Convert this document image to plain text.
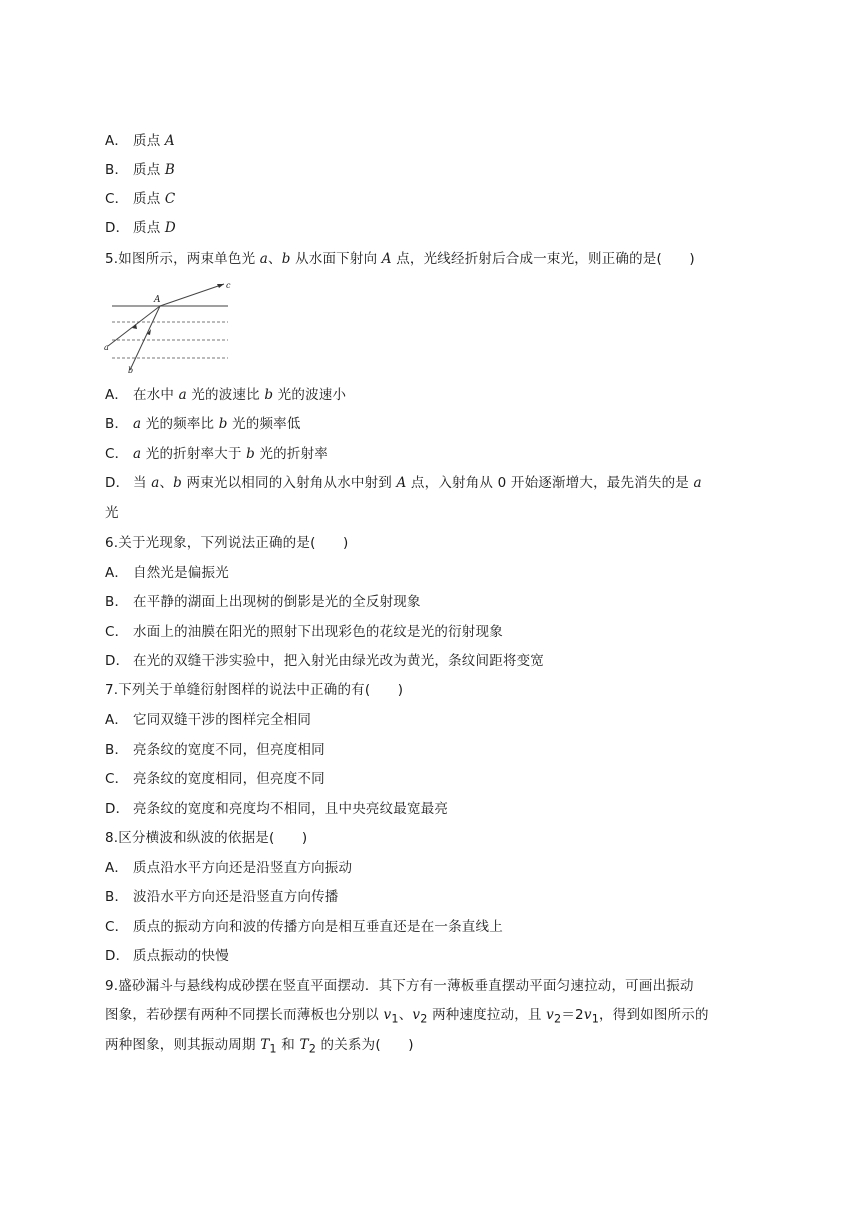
A． 质点 A
B． 质点 B
C． 质点 C
D． 质点 D
5.如图所示，两束单色光 a、b 从水面下射向 A 点，光线经折射后合成一束光，则正确的是(　　)
A
c
a
b
A． 在水中 a 光的波速比 b 光的波速小
B． a 光的频率比 b 光的频率低
C． a 光的折射率大于 b 光的折射率
D． 当 a、b 两束光以相同的入射角从水中射到 A 点，入射角从 0 开始逐渐增大，最先消失的是 a
光
6.关于光现象，下列说法正确的是(　　)
A． 自然光是偏振光
B． 在平静的湖面上出现树的倒影是光的全反射现象
C． 水面上的油膜在阳光的照射下出现彩色的花纹是光的衍射现象
D． 在光的双缝干涉实验中，把入射光由绿光改为黄光，条纹间距将变宽
7.下列关于单缝衍射图样的说法中正确的有(　　)
A． 它同双缝干涉的图样完全相同
B． 亮条纹的宽度不同，但亮度相同
C． 亮条纹的宽度相同，但亮度不同
D． 亮条纹的宽度和亮度均不相同，且中央亮纹最宽最亮
8.区分横波和纵波的依据是(　　)
A． 质点沿水平方向还是沿竖直方向振动
B． 波沿水平方向还是沿竖直方向传播
C． 质点的振动方向和波的传播方向是相互垂直还是在一条直线上
D． 质点振动的快慢
9.盛砂漏斗与悬线构成砂摆在竖直平面摆动．其下方有一薄板垂直摆动平面匀速拉动，可画出振动
图象，若砂摆有两种不同摆长而薄板也分别以 $v_1$、$v_2$ 两种速度拉动，且 $v_2=2v_1$，得到如图所示的
两种图象，则其振动周期 $T_1$ 和 $T_2$ 的关系为(　　)
